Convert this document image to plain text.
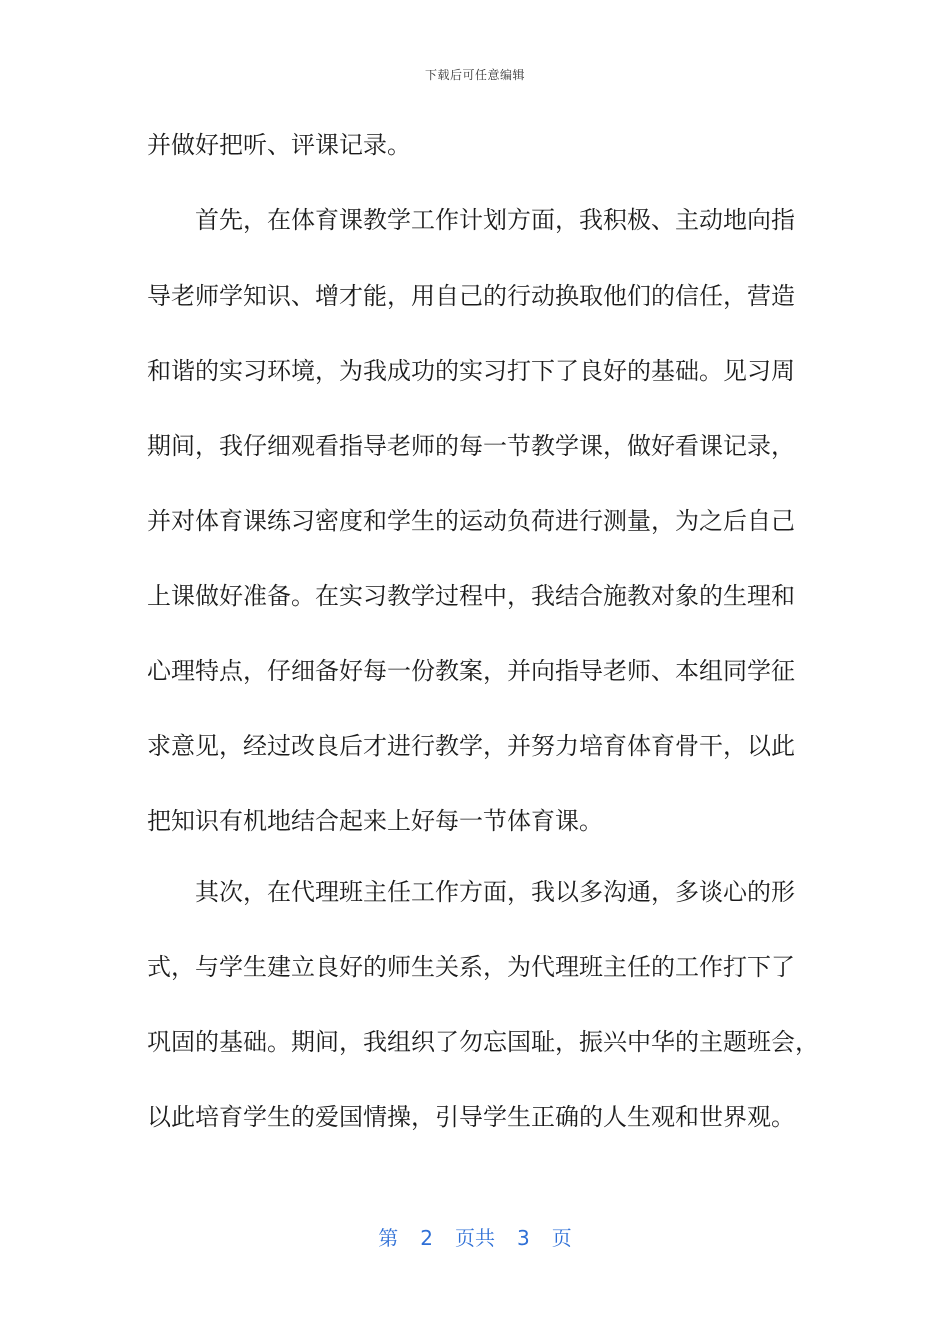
下载后可任意编辑
并做好把听、评课记录。
首先，在体育课教学工作计划方面，我积极、主动地向指
导老师学知识、增才能，用自己的行动换取他们的信任，营造
和谐的实习环境，为我成功的实习打下了良好的基础。见习周
期间，我仔细观看指导老师的每一节教学课，做好看课记录，
并对体育课练习密度和学生的运动负荷进行测量，为之后自己
上课做好准备。在实习教学过程中，我结合施教对象的生理和
心理特点，仔细备好每一份教案，并向指导老师、本组同学征
求意见，经过改良后才进行教学，并努力培育体育骨干，以此
把知识有机地结合起来上好每一节体育课。
其次，在代理班主任工作方面，我以多沟通，多谈心的形
式，与学生建立良好的师生关系，为代理班主任的工作打下了
巩固的基础。期间，我组织了勿忘国耻，振兴中华的主题班会，
以此培育学生的爱国情操，引导学生正确的人生观和世界观。
第 2 页共 3 页
